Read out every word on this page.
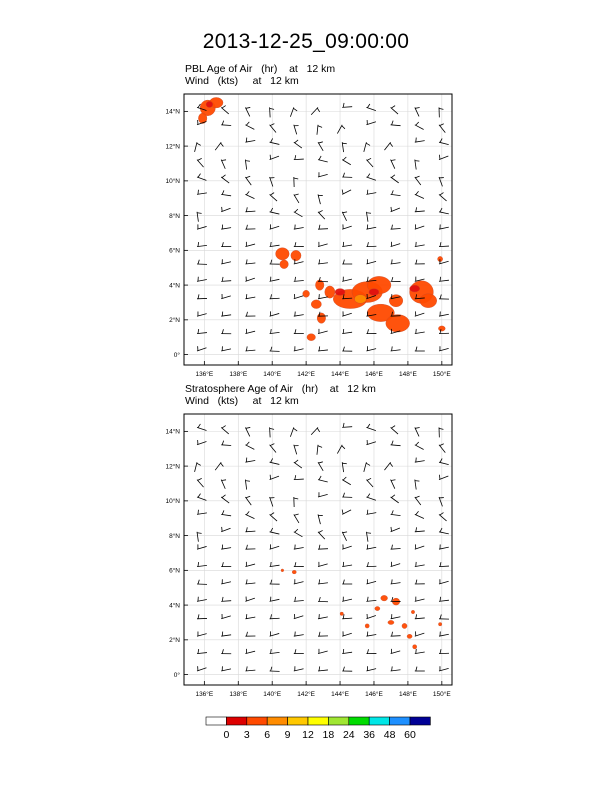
2013-12-25_09:00:00
PBL Age of Air   (hr)    at   12 km
Wind   (kts)     at   12 km
Stratosphere Age of Air   (hr)    at   12 km
Wind   (kts)     at   12 km
136°E 138°E 140°E 142°E 144°E 146°E 148°E 150°E
0°
2°N
4°N
6°N
8°N
10°N
12°N
14°N
136°E 138°E 140°E 142°E 144°E 146°E 148°E 150°E
0°
2°N
4°N
6°N
8°N
10°N
12°N
14°N
0 3 6 9 12 18 24 36 48 60
